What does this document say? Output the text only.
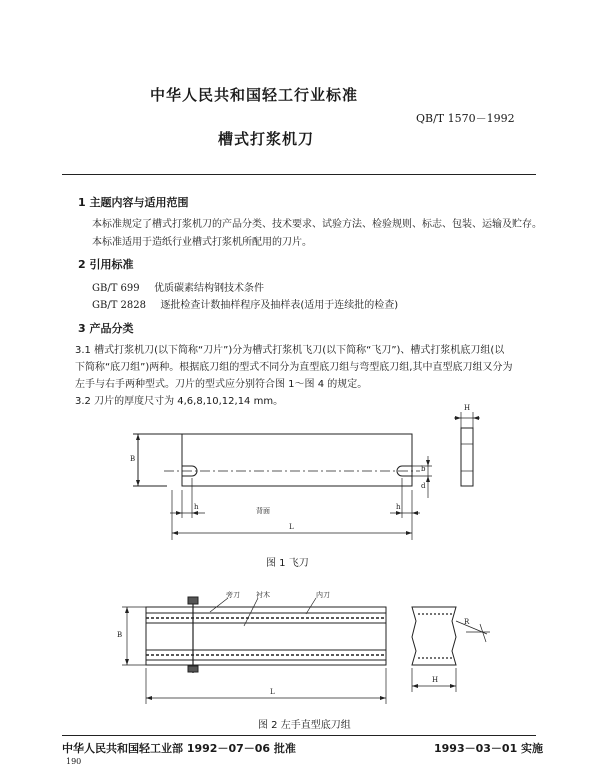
中华人民共和国轻工行业标准
QB/T 1570－1992
槽式打浆机刀
1 主题内容与适用范围
本标准规定了槽式打浆机刀的产品分类、技术要求、试验方法、检验规则、标志、包装、运输及贮存。
本标准适用于造纸行业槽式打浆机所配用的刀片。
2 引用标准
GB/T 699 优质碳素结构钢技术条件
GB/T 2828 逐批检查计数抽样程序及抽样表(适用于连续批的检查)
3 产品分类
3.1 槽式打浆机刀(以下简称“刀片”)分为槽式打浆机飞刀(以下简称“飞刀”)、槽式打浆机底刀组(以
下简称“底刀组”)两种。根据底刀组的型式不同分为直型底刀组与弯型底刀组,其中直型底刀组又分为
左手与右手两种型式。刀片的型式应分别符合图 1～图 4 的规定。
3.2 刀片的厚度尺寸为 4,6,8,10,12,14 mm。
B
H
h	h
L
b
d
背面
图 1 飞刀
旁刀 衬木	内刀
B
L
H
R
图 2 左手直型底刀组
中华人民共和国轻工业部 1992－07－06 批准	1993－03－01 实施
190
